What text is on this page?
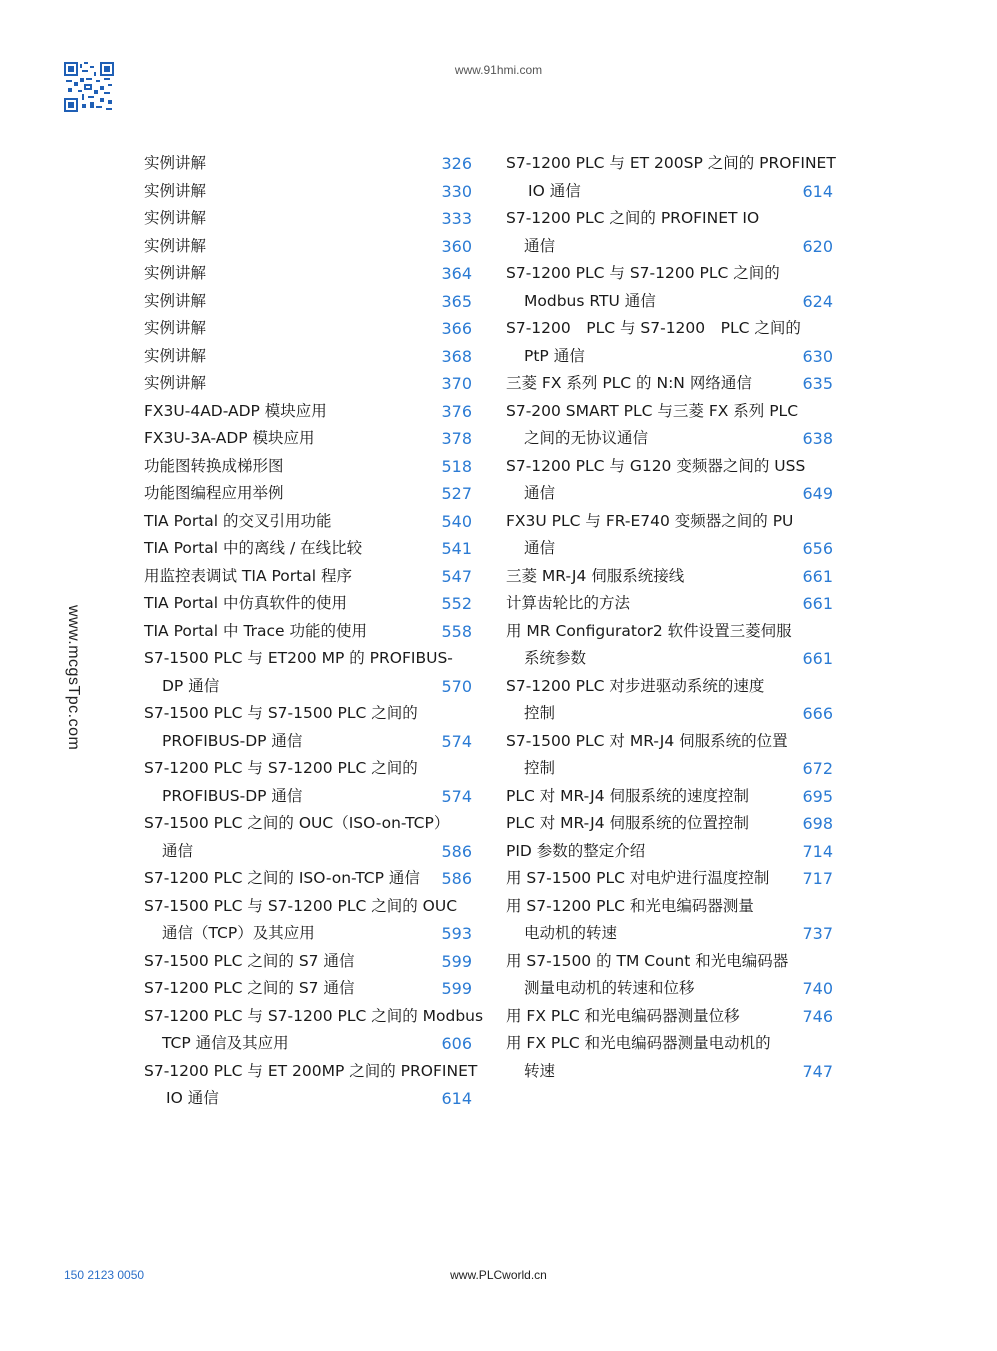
www.91hmi.com
www.mcgsTpc.com
实例讲解	326
实例讲解	330
实例讲解	333
实例讲解	360
实例讲解	364
实例讲解	365
实例讲解	366
实例讲解	368
实例讲解	370
FX3U-4AD-ADP 模块应用	376
FX3U-3A-ADP 模块应用	378
功能图转换成梯形图	518
功能图编程应用举例	527
TIA Portal 的交叉引用功能	540
TIA Portal 中的离线 / 在线比较	541
用监控表调试 TIA Portal 程序	547
TIA Portal 中仿真软件的使用	552
TIA Portal 中 Trace 功能的使用	558
S7-1500 PLC 与 ET200 MP 的 PROFIBUS-
DP 通信	570
S7-1500 PLC 与 S7-1500 PLC 之间的
PROFIBUS-DP 通信	574
S7-1200 PLC 与 S7-1200 PLC 之间的
PROFIBUS-DP 通信	574
S7-1500 PLC 之间的 OUC（ISO-on-TCP）
通信	586
S7-1200 PLC 之间的 ISO-on-TCP 通信 586
S7-1500 PLC 与 S7-1200 PLC 之间的 OUC
通信（TCP）及其应用	593
S7-1500 PLC 之间的 S7 通信	599
S7-1200 PLC 之间的 S7 通信	599
S7-1200 PLC 与 S7-1200 PLC 之间的 Modbus
TCP 通信及其应用	606
S7-1200 PLC 与 ET 200MP 之间的 PROFINET
IO 通信	614
S7-1200 PLC 与 ET 200SP 之间的 PROFINET
IO 通信	614
S7-1200 PLC 之间的 PROFINET IO
通信	620
S7-1200 PLC 与 S7-1200 PLC 之间的
Modbus RTU 通信	624
S7-1200　PLC 与 S7-1200　PLC 之间的
PtP 通信	630
三菱 FX 系列 PLC 的 N:N 网络通信	635
S7-200 SMART PLC 与三菱 FX 系列 PLC
之间的无协议通信	638
S7-1200 PLC 与 G120 变频器之间的 USS
通信	649
FX3U PLC 与 FR-E740 变频器之间的 PU
通信	656
三菱 MR-J4 伺服系统接线	661
计算齿轮比的方法	661
用 MR Configurator2 软件设置三菱伺服
系统参数	661
S7-1200 PLC 对步进驱动系统的速度
控制	666
S7-1500 PLC 对 MR-J4 伺服系统的位置
控制	672
PLC 对 MR-J4 伺服系统的速度控制	695
PLC 对 MR-J4 伺服系统的位置控制	698
PID 参数的整定介绍	714
用 S7-1500 PLC 对电炉进行温度控制 717
用 S7-1200 PLC 和光电编码器测量
电动机的转速	737
用 S7-1500 的 TM Count 和光电编码器
测量电动机的转速和位移	740
用 FX PLC 和光电编码器测量位移	746
用 FX PLC 和光电编码器测量电动机的
转速	747
150 2123 0050	www.PLCworld.cn
